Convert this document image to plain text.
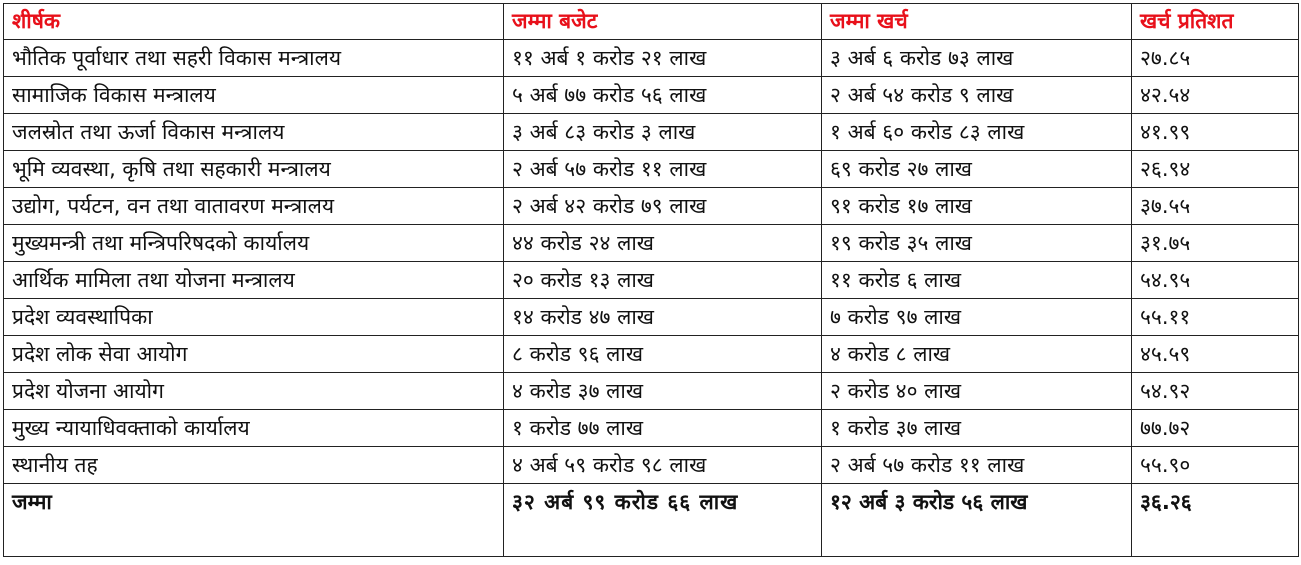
शीर्षक	जम्मा बजेट	जम्मा खर्च	खर्च प्रतिशत
भौतिक पूर्वाधार तथा सहरी विकास मन्त्रालय	११ अर्ब १ करोड २१ लाख	३ अर्ब ६ करोड ७३ लाख	२७.८५
सामाजिक विकास मन्त्रालय	५ अर्ब ७७ करोड ५६ लाख	२ अर्ब ५४ करोड ९ लाख	४२.५४
जलस्रोत तथा ऊर्जा विकास मन्त्रालय	३ अर्ब ८३ करोड ३ लाख	१ अर्ब ६० करोड ८३ लाख	४१.९९
भूमि व्यवस्था, कृषि तथा सहकारी मन्त्रालय	२ अर्ब ५७ करोड ११ लाख	६९ करोड २७ लाख	२६.९४
उद्योग, पर्यटन, वन तथा वातावरण मन्त्रालय	२ अर्ब ४२ करोड ७९ लाख	९१ करोड १७ लाख	३७.५५
मुख्यमन्त्री तथा मन्त्रिपरिषदको कार्यालय	४४ करोड २४ लाख	१९ करोड ३५ लाख	३१.७५
आर्थिक मामिला तथा योजना मन्त्रालय	२० करोड १३ लाख	११ करोड ६ लाख	५४.९५
प्रदेश व्यवस्थापिका	१४ करोड ४७ लाख	७ करोड ९७ लाख	५५.११
प्रदेश लोक सेवा आयोग	८ करोड ९६ लाख	४ करोड ८ लाख	४५.५९
प्रदेश योजना आयोग	४ करोड ३७ लाख	२ करोड ४० लाख	५४.९२
मुख्य न्यायाधिवक्ताको कार्यालय	१ करोड ७७ लाख	१ करोड ३७ लाख	७७.७२
स्थानीय तह	४ अर्ब ५९ करोड ९८ लाख	२ अर्ब ५७ करोड ११ लाख	५५.९०
जम्मा	३२ अर्ब ९९ करोड ६६ लाख	१२ अर्ब ३ करोड ५६ लाख	३६.२६
